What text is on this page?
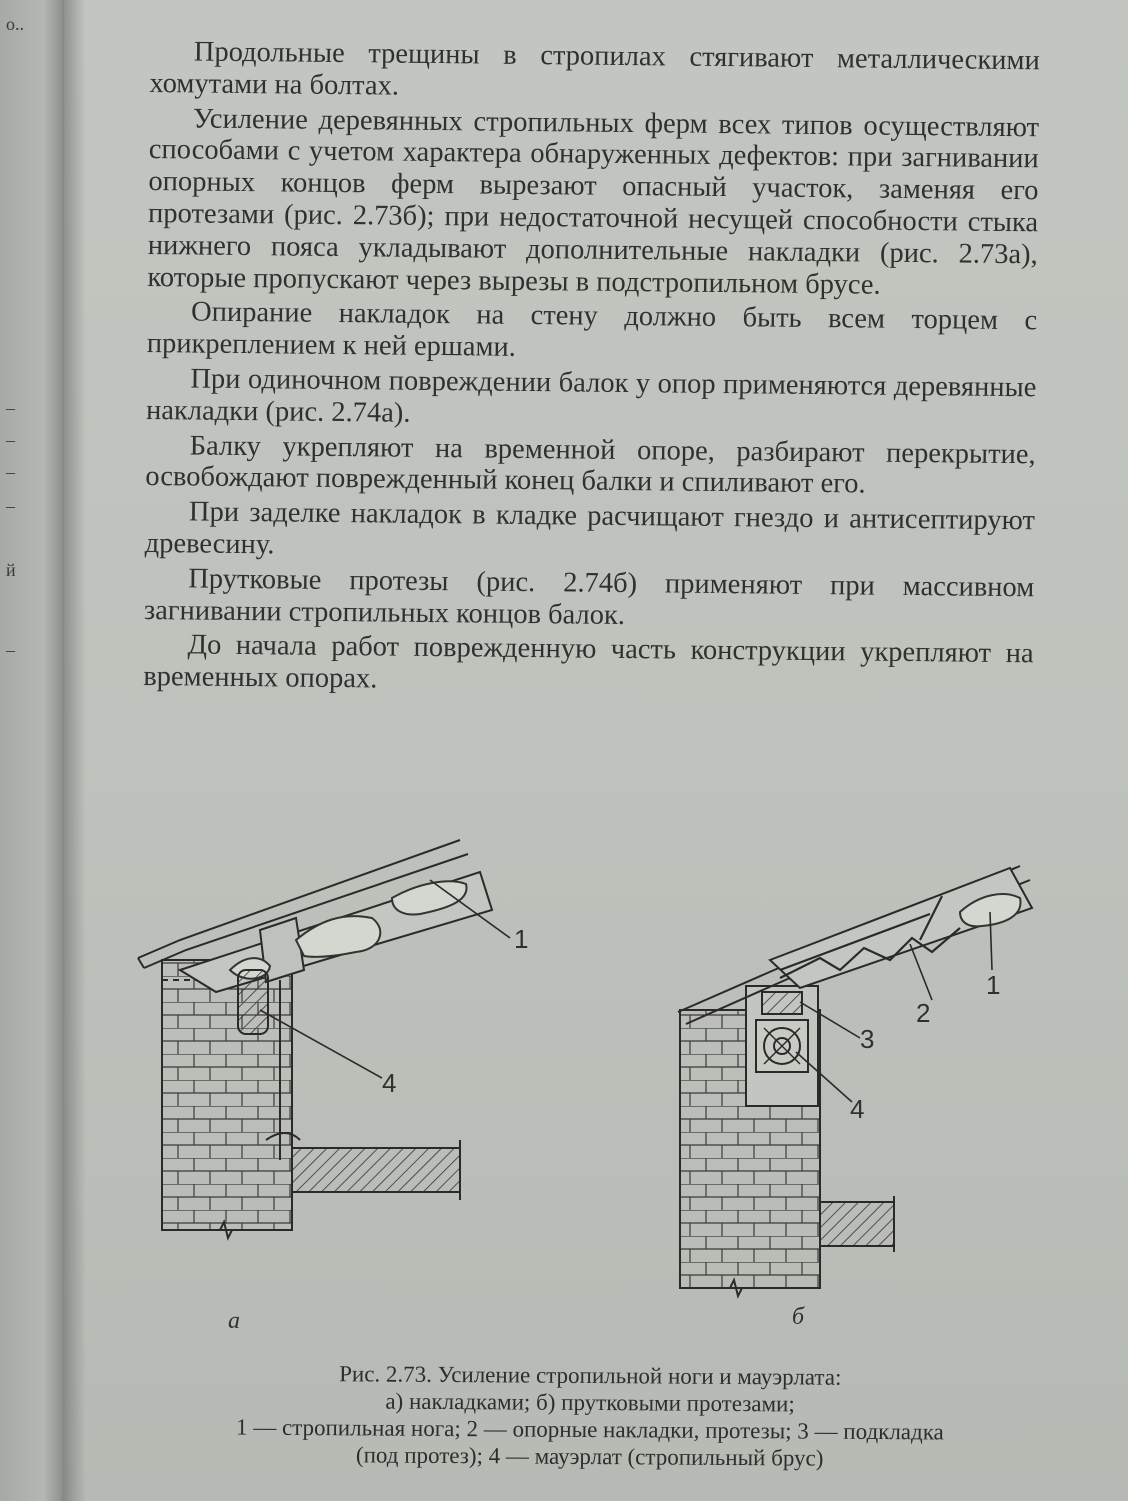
о..
–
–
–
–
й
–

Продольные трещины в стропилах стягивают металлическими хомутами на болтах.

Усиление деревянных стропильных ферм всех типов осуществляют способами с учетом характера обнаруженных дефектов: при загнивании опорных концов ферм вырезают опасный участок, заменяя его протезами (рис. 2.73б); при недостаточной несущей способности стыка нижнего пояса укладывают дополнительные накладки (рис. 2.73а), которые пропускают через вырезы в подстропильном брусе.

Опирание накладок на стену должно быть всем торцем с прикреплением к ней ершами.

При одиночном повреждении балок у опор применяются деревянные накладки (рис. 2.74а).

Балку укрепляют на временной опоре, разбирают перекрытие, освобождают поврежденный конец балки и спиливают его.

При заделке накладок в кладке расчищают гнездо и антисептируют древесину.

Прутковые протезы (рис. 2.74б) применяют при массивном загнивании стропильных концов балок.

До начала работ поврежденную часть конструкции укрепляют на временных опорах.

1
4
1
2
3
4
а	б
Рис. 2.73. Усиление стропильной ноги и мауэрлата:
а) накладками; б) прутковыми протезами;
1 — стропильная нога; 2 — опорные накладки, протезы; 3 — подкладка
(под протез); 4 — мауэрлат (стропильный брус)
